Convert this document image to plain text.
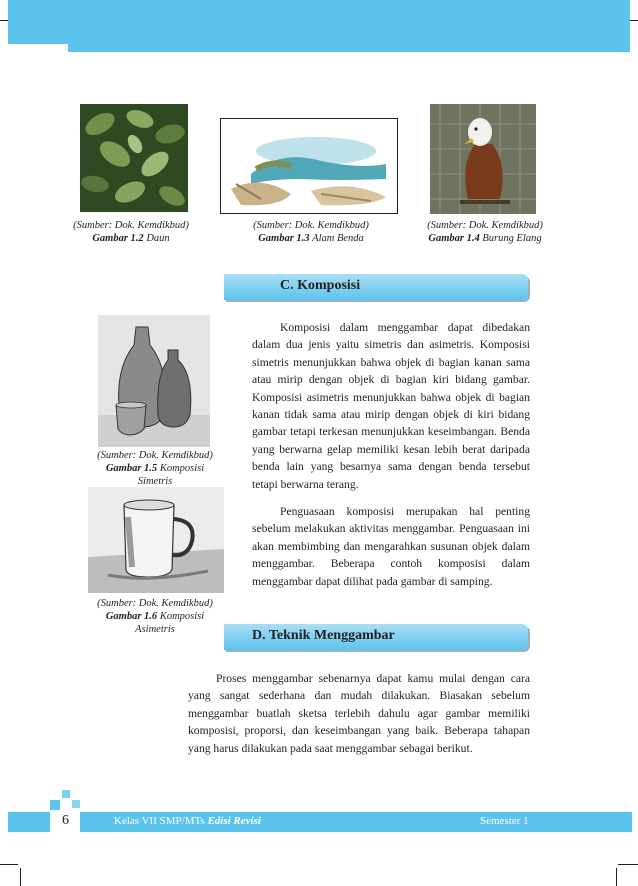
(Sumber: Dok. Kemdikbud)
Gambar 1.2 Daun
(Sumber: Dok. Kemdikbud)
Gambar 1.3 Alam Benda
(Sumber: Dok. Kemdikbud)
Gambar 1.4 Burung Elang
C. Komposisi
(Sumber: Dok. Kemdikbud)
Gambar 1.5 Komposisi Simetris
(Sumber: Dok. Kemdikbud)
Gambar 1.6 Komposisi Asimetris

Komposisi dalam menggambar dapat dibedakan dalam dua jenis yaitu simetris dan asimetris. Komposisi simetris menunjukkan bahwa objek di bagian kanan sama atau mirip dengan objek di bagian kiri bidang gambar. Komposisi asimetris menunjukkan bahwa objek di bagian kanan tidak sama atau mirip dengan objek di kiri bidang gambar tetapi terkesan menunjukkan keseimbangan. Benda yang berwarna gelap memiliki kesan lebih berat daripada benda lain yang besarnya sama dengan benda tersebut tetapi berwarna terang.

Penguasaan komposisi merupakan hal penting sebelum melakukan aktivitas menggambar. Penguasaan ini akan membimbing dan mengarahkan susunan objek dalam menggambar. Beberapa contoh komposisi dalam menggambar dapat dilihat pada gambar di samping.

D. Teknik Menggambar

Proses menggambar sebenarnya dapat kamu mulai dengan cara yang sangat sederhana dan mudah dilakukan. Biasakan sebelum menggambar buatlah sketsa terlebih dahulu agar gambar memiliki komposisi, proporsi, dan keseimbangan yang baik. Beberapa tahapan yang harus dilakukan pada saat menggambar sebagai berikut.

6	Kelas VII SMP/MTs Edisi Revisi	Semester 1
